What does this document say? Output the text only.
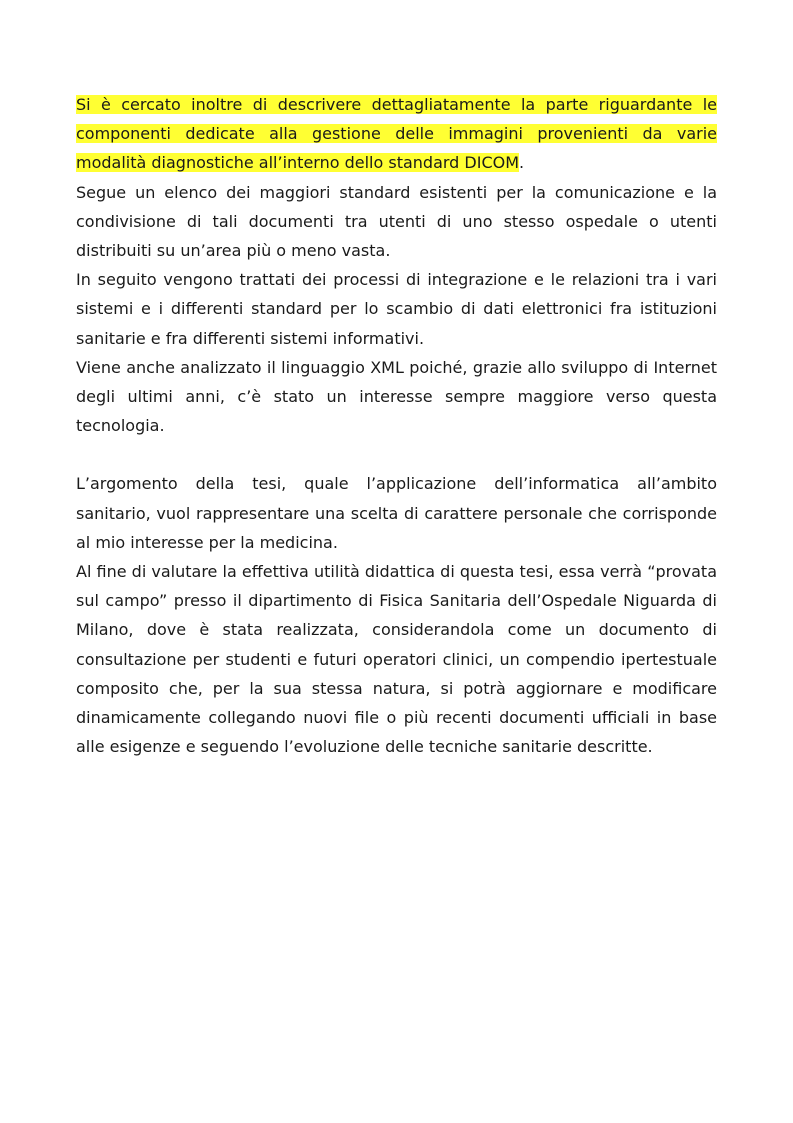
Si è cercato inoltre di descrivere dettagliatamente la parte riguardante le componenti dedicate alla gestione delle immagini provenienti da varie modalità diagnostiche all’interno dello standard DICOM.

Segue un elenco dei maggiori standard esistenti per la comunicazione e la condivisione di tali documenti tra utenti di uno stesso ospedale o utenti distribuiti su un’area più o meno vasta.

In seguito vengono trattati dei processi di integrazione e le relazioni tra i vari sistemi e i differenti standard per lo scambio di dati elettronici fra istituzioni sanitarie e fra differenti sistemi informativi.

Viene anche analizzato il linguaggio XML poiché, grazie allo sviluppo di Internet degli ultimi anni, c’è stato un interesse sempre maggiore verso questa tecnologia.

L’argomento della tesi, quale l’applicazione dell’informatica all’ambito sanitario, vuol rappresentare una scelta di carattere personale che corrisponde al mio interesse per la medicina.

Al fine di valutare la effettiva utilità didattica di questa tesi, essa verrà “provata sul campo” presso il dipartimento di Fisica Sanitaria dell’Ospedale Niguarda di Milano, dove è stata realizzata, considerandola come un documento di consultazione per studenti e futuri operatori clinici, un compendio ipertestuale composito che, per la sua stessa natura, si potrà aggiornare e modificare dinamicamente collegando nuovi file o più recenti documenti ufficiali in base alle esigenze e seguendo l’evoluzione delle tecniche sanitarie descritte.
